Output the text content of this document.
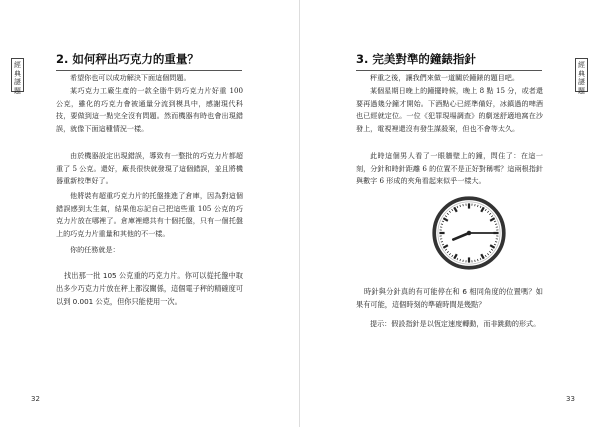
2. 如何秤出巧克力的重量？

希望你也可以成功解決下面這個問題。

某巧克力工廠生產的一款全脂牛奶巧克力片好重 100 公克，雖化的巧克力會被通量分流到模具中，感謝現代科技，要做到這一點完全沒有問題。然而機器有時也會出現錯誤，就像下面這種情況一樣。

由於機器設定出現錯誤，導致有一整批的巧克力片都超重了 5 公克。還好，廠長很快就發現了這個錯誤，並且將機器重新校準好了。

他將裝有超重巧克力片的托盤推進了倉庫，因為對這個錯誤感到太生氣，結果他忘記自己把這些重 105 公克的巧克力片放在哪裡了。倉庫裡總共有十個托盤，只有一個托盤上的巧克力片重量和其他的不一樣。

你的任務就是：

找出那一批 105 公克重的巧克力片。你可以從托盤中取出多少巧克力片放在秤上都沒關係，這個電子秤的精確度可以到 0.001 公克，但你只能使用一次。

經典謎題
32
3. 完美對準的鐘錶指針

秤重之後，讓我們來做一道關於鐘錶的題目吧。

某個星期日晚上的鐘擺時候，晚上 8 點 15 分，或者還要再過幾分鐘才開始。下酒點心已經準備好，冰鎮過的啤酒也已經就定位。一位《犯罪現場調查》的劇迷舒適地窩在沙發上，電視裡還沒有發生謀殺案，但也不會等太久。

此時這個男人看了一眼牆壁上的鐘，問住了：在這一刻，分針和時針距離 6 的位置不是正好對稱嗎？這兩根指針與數字 6 形成的夾角看起來似乎一樣大。

時針與分針真的有可能停在和 6 相同角度的位置嗎？如果有可能，這個時刻的準確時間是幾點？

提示：假設指針是以恆定速度轉動，而非跳動的形式。

經典謎題
33
